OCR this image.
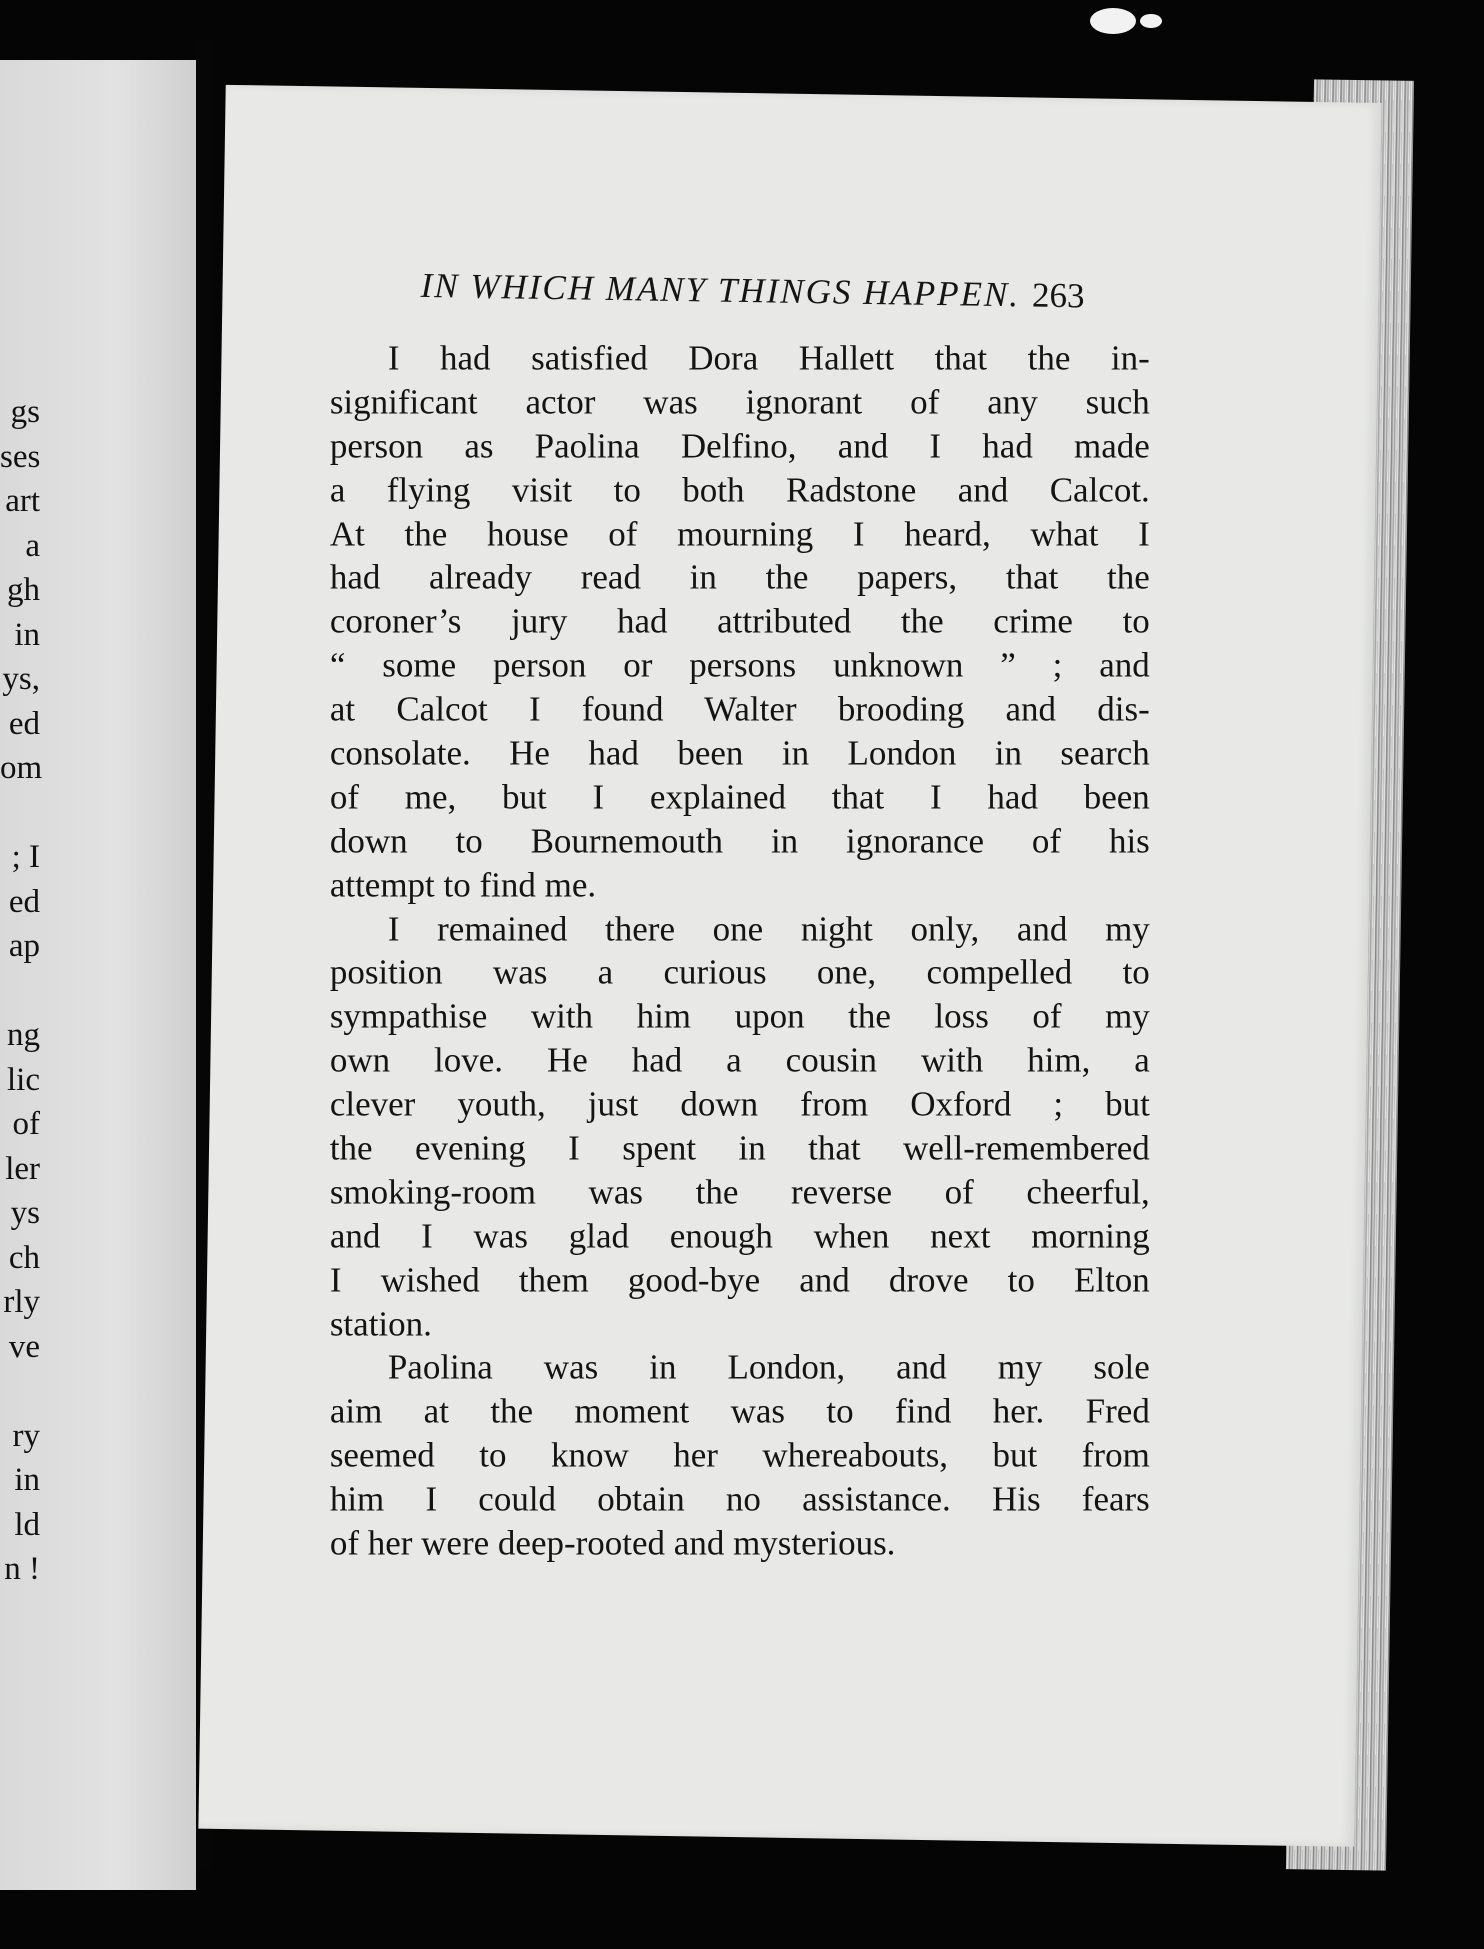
gs
ses
art
a
gh
in
ys,
ed
om
; I
ed
ap
ng
lic
of
ler
ys
ch
rly
ve
ry
in
ld
n !
IN WHICH MANY THINGS HAPPEN. 263
I had satisfied Dora Hallett that the in-
significant actor was ignorant of any such
person as Paolina Delfino, and I had made
a flying visit to both Radstone and Calcot.
At the house of mourning I heard, what I
had already read in the papers, that the
coroner’s jury had attributed the crime to
“ some person or persons unknown ” ; and
at Calcot I found Walter brooding and dis-
consolate. He had been in London in search
of me, but I explained that I had been
down to Bournemouth in ignorance of his
attempt to find me.
I remained there one night only, and my
position was a curious one, compelled to
sympathise with him upon the loss of my
own love. He had a cousin with him, a
clever youth, just down from Oxford ; but
the evening I spent in that well-remembered
smoking-room was the reverse of cheerful,
and I was glad enough when next morning
I wished them good-bye and drove to Elton
station.
Paolina was in London, and my sole
aim at the moment was to find her. Fred
seemed to know her whereabouts, but from
him I could obtain no assistance. His fears
of her were deep-rooted and mysterious.
